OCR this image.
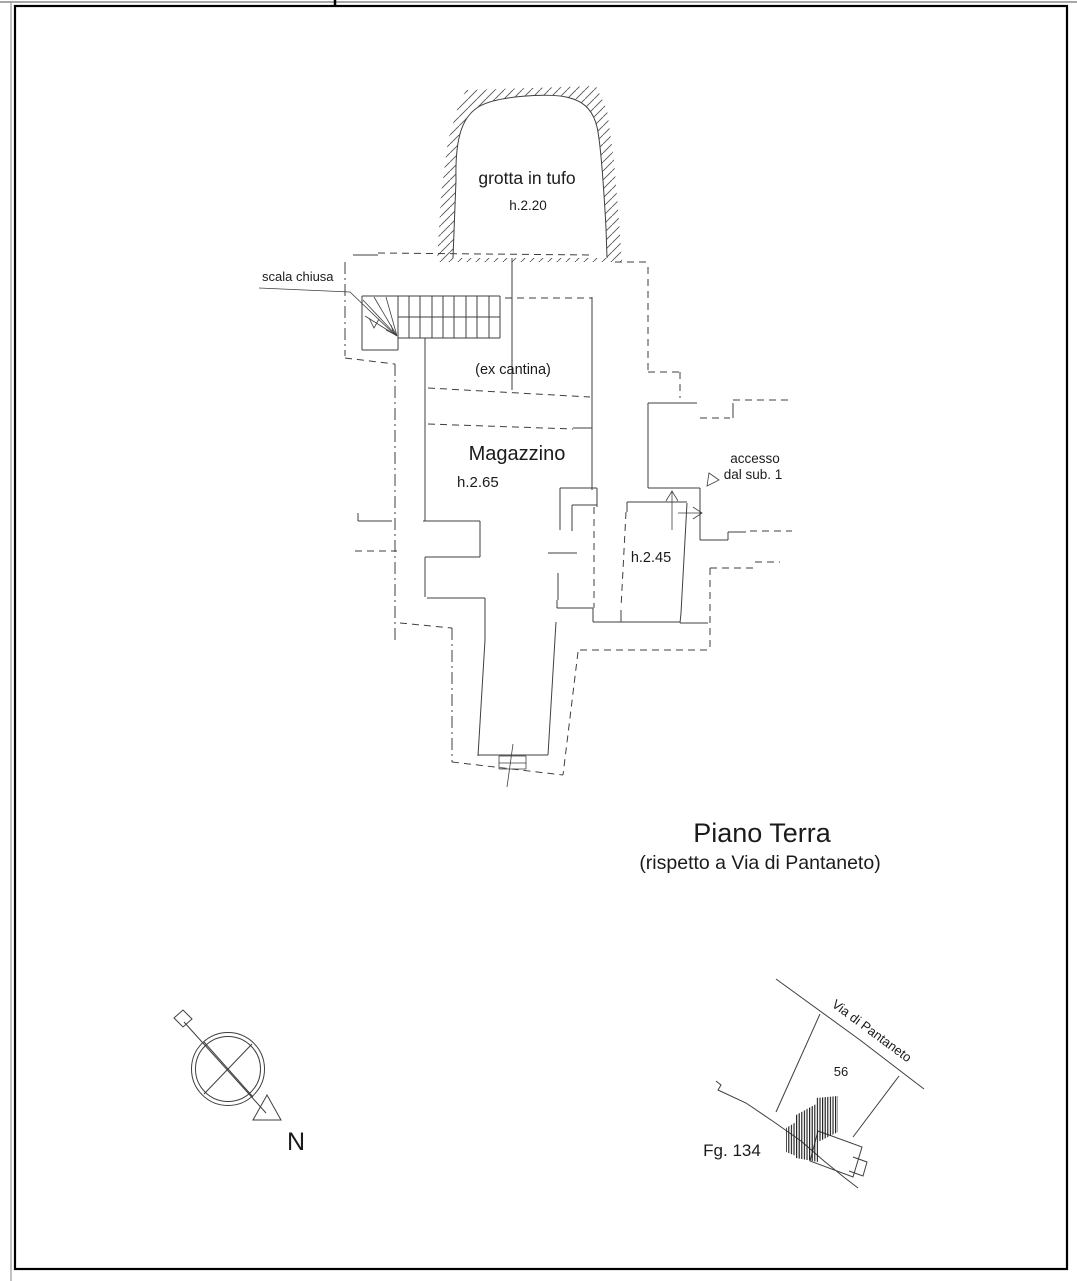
grotta in tufo
h.2.20
scala chiusa
(ex cantina)
Magazzino
h.2.65
accesso
dal sub. 1
h.2.45
Piano Terra
(rispetto a Via di Pantaneto)
N
Via di Pantaneto
56
Fg. 134
